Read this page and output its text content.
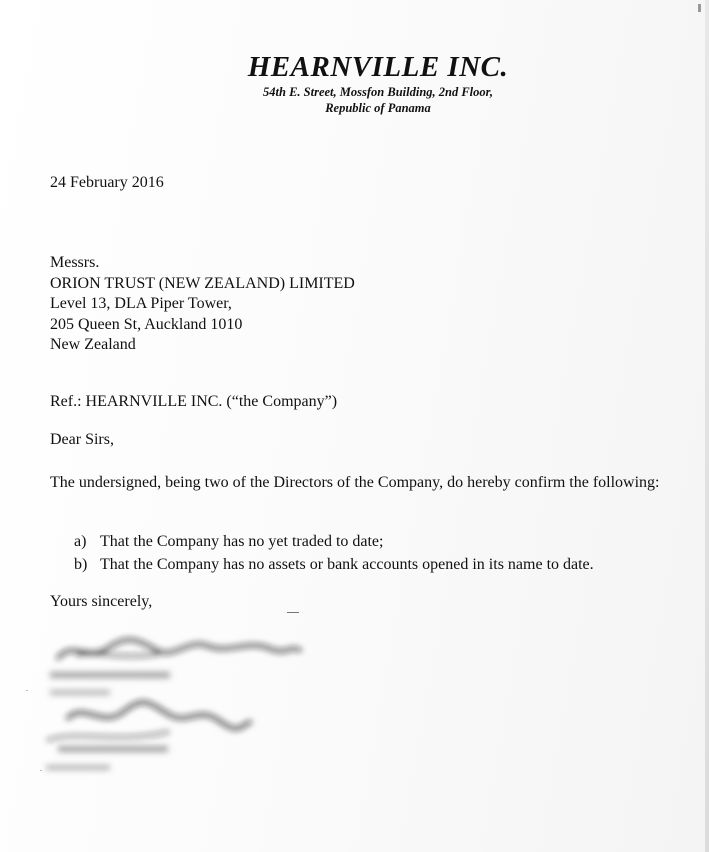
HEARNVILLE INC.
54th E. Street, Mossfon Building, 2nd Floor,
Republic of Panama
24 February 2016
Messrs.
ORION TRUST (NEW ZEALAND) LIMITED
Level 13, DLA Piper Tower,
205 Queen St, Auckland 1010
New Zealand
Ref.: HEARNVILLE INC. (“the Company”)
Dear Sirs,
The undersigned, being two of the Directors of the Company, do hereby confirm the following:
a) That the Company has no yet traded to date;
b) That the Company has no assets or bank accounts opened in its name to date.
Yours sincerely,
